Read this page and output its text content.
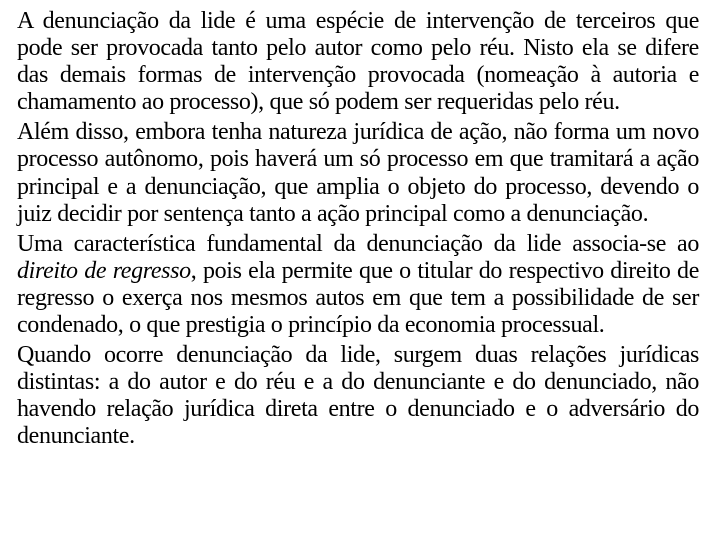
A denunciação da lide é uma espécie de intervenção de terceiros que pode ser provocada tanto pelo autor como pelo réu. Nisto ela se difere das demais formas de intervenção provocada (nomeação à autoria e chamamento ao processo), que só podem ser requeridas pelo réu.

Além disso, embora tenha natureza jurídica de ação, não forma um novo processo autônomo, pois haverá um só processo em que tramitará a ação principal e a denunciação, que amplia o objeto do processo, devendo o juiz decidir por sentença tanto a ação principal como a denunciação.

Uma característica fundamental da denunciação da lide associa-se ao direito de regresso, pois ela permite que o titular do respectivo direito de regresso o exerça nos mesmos autos em que tem a possibilidade de ser condenado, o que prestigia o princípio da economia processual.

Quando ocorre denunciação da lide, surgem duas relações jurídicas distintas: a do autor e do réu e a do denunciante e do denunciado, não havendo relação jurídica direta entre o denunciado e o adversário do denunciante.
